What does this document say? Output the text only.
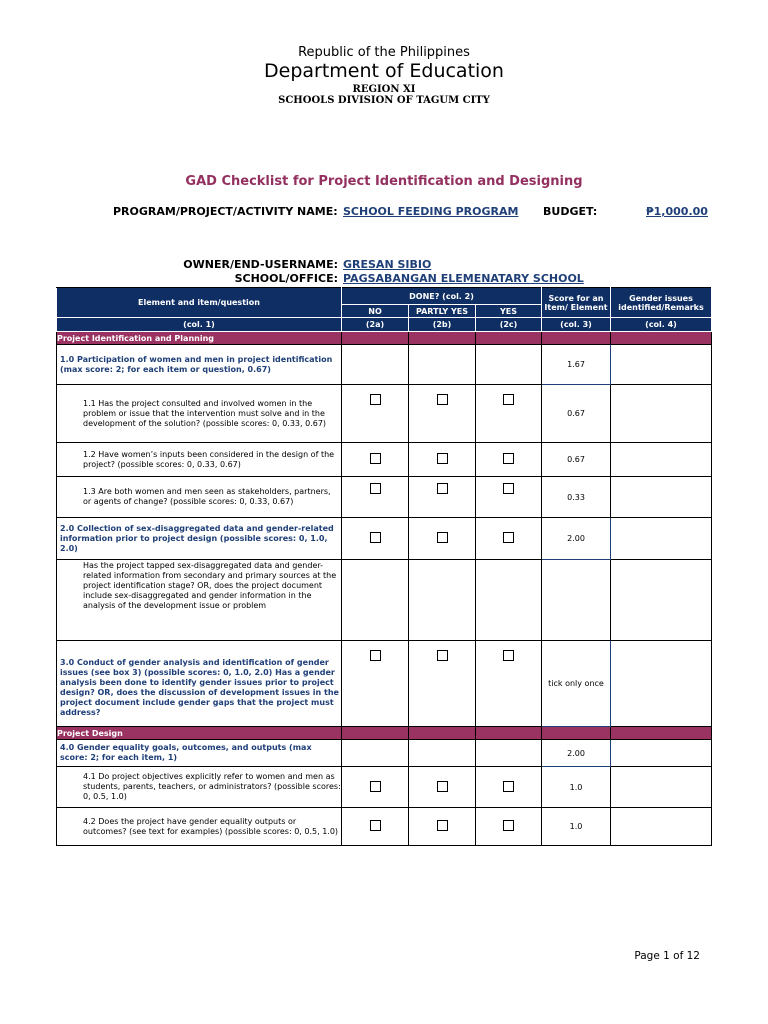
Republic of the Philippines
Department of Education
REGION XI
SCHOOLS DIVISION OF TAGUM CITY
GAD Checklist for Project Identification and Designing
PROGRAM/PROJECT/ACTIVITY NAME: SCHOOL FEEDING PROGRAM BUDGET:	₱1,000.00
OWNER/END-USERNAME: GRESAN SIBIO
SCHOOL/OFFICE: PAGSABANGAN ELEMENATARY SCHOOL
Element and item/question	DONE? (col. 2)			Score for an Item/ Element	Gender issues identified/Remarks
	NO	PARTLY YES	YES		
(col. 1)	(2a)	(2b)	(2c)	(col. 3)	(col. 4)
Project Identification and Planning					
1.0 Participation of women and men in project identification (max score: 2; for each item or question, 0.67)				1.67	
1.1 Has the project consulted and involved women in the problem or issue that the intervention must solve and in the development of the solution? (possible scores: 0, 0.33, 0.67)				0.67	
1.2 Have women’s inputs been considered in the design of the project? (possible scores: 0, 0.33, 0.67)				0.67	
1.3 Are both women and men seen as stakeholders, partners, or agents of change? (possible scores: 0, 0.33, 0.67)				0.33	
2.0 Collection of sex-disaggregated data and gender-related information prior to project design (possible scores: 0, 1.0, 2.0)				2.00	
Has the project tapped sex-disaggregated data and gender-related information from secondary and primary sources at the project identification stage? OR, does the project document include sex-disaggregated and gender information in the analysis of the development issue or problem					
3.0 Conduct of gender analysis and identification of gender issues (see box 3) (possible scores: 0, 1.0, 2.0) Has a gender analysis been done to identify gender issues prior to project design? OR, does the discussion of development issues in the project document include gender gaps that the project must address?				tick only once	
Project Design					
4.0 Gender equality goals, outcomes, and outputs (max score: 2; for each item, 1)				2.00	
4.1 Do project objectives explicitly refer to women and men as students, parents, teachers, or administrators? (possible scores: 0, 0.5, 1.0)				1.0	
4.2 Does the project have gender equality outputs or outcomes? (see text for examples) (possible scores: 0, 0.5, 1.0)				1.0	
Page 1 of 12
